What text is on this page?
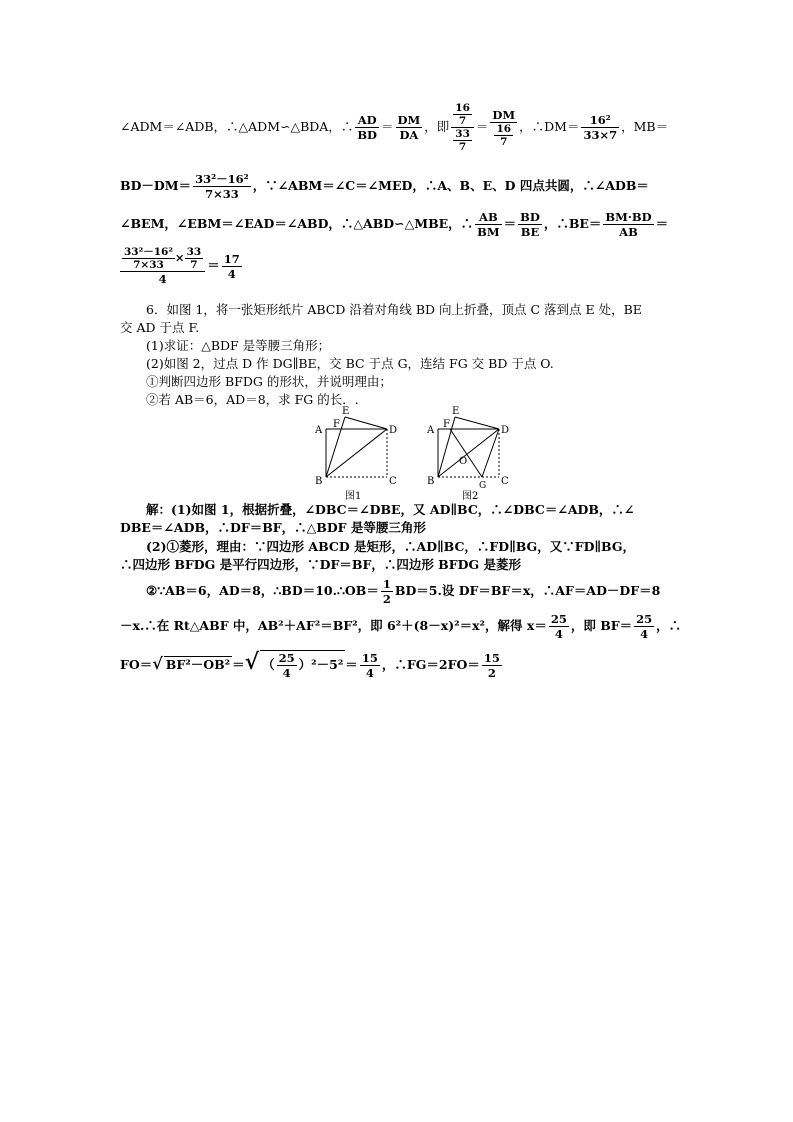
∠ADM＝∠ADB，∴△ADM∽△BDA，∴ $\frac{AD}{BD} = \frac{DM}{DA}$ ，即 $\frac{\frac{16}{7}}{\frac{33}{7}} = \frac{DM}{\frac{16}{7}}$ ，∴DM＝ $\frac{\text{16²}}{33\times 7}$ ，MB＝
$BD-DM= \frac{\text{33²－16²}}{7\times 33}$ ，∵∠ABM＝∠C＝∠MED，∴A、B、E、D 四点共圆，∴∠ADB＝
∠BEM，∠EBM＝∠EAD＝∠ABD，∴△ABD∽△MBE，∴ $\frac{AB}{BM} = \frac{BD}{BE}$ ，∴BE＝ $\frac{BM\cdot BD}{AB}$ ＝
$\frac{\frac{\text{33²－16²}}{7\times 33} \times \frac{33}{7}}{4} = \frac{17}{4}$
6．如图 1，将一张矩形纸片 ABCD 沿着对角线 BD 向上折叠，顶点 C 落到点 E 处，BE
交 AD 于点 F.
(1)求证：△BDF 是等腰三角形；
(2)如图 2，过点 D 作 DG∥BE，交 BC 于点 G，连结 FG 交 BD 于点 O.
①判断四边形 BFDG 的形状，并说明理由；
②若 AB＝6，AD＝8，求 FG 的长．.
A
B	C
D
E
F
图1
A
B	C
D
E
F
O
G
图2
解：(1)如图 1，根据折叠，∠DBC＝∠DBE，又 AD∥BC，∴∠DBC＝∠ADB，∴∠
DBE＝∠ADB，∴DF＝BF，∴△BDF 是等腰三角形
(2)①菱形，理由：∵四边形 ABCD 是矩形，∴AD∥BC，∴FD∥BG，又∵FD∥BG，
∴四边形 BFDG 是平行四边形，∵DF＝BF，∴四边形 BFDG 是菱形
②∵AB＝6，AD＝8，∴BD＝10.∴OB＝ $\frac{1}{2} BD=5$.设 DF＝BF＝x，∴AF＝AD－DF＝8
－x.∴在 Rt△ABF 中，AB²＋AF²＝BF²，即 6²＋(8－x)²＝x²，解得 $x= \frac{25}{4}$ ，即 $BF= \frac{25}{4}$ ，∴
FO＝√ BF²－OB² ＝√ （ $\frac{25}{4} )^2-5^2 = \frac{15}{4}$ ，∴FG＝2FO＝ $\frac{15}{2}$
